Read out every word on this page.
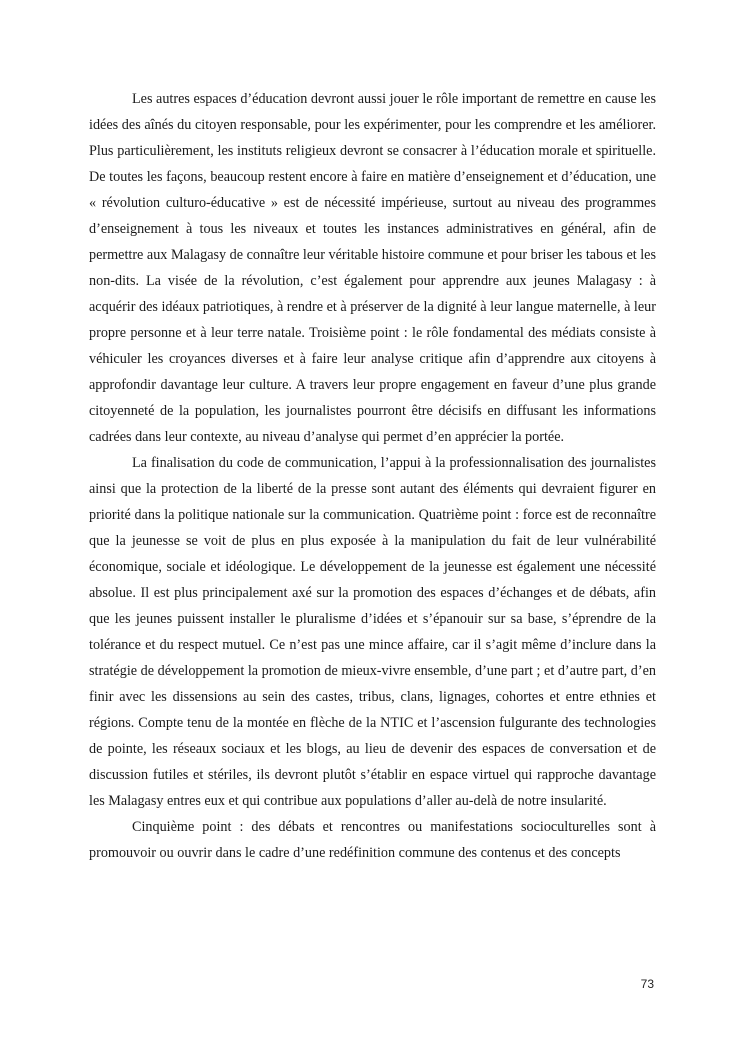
Les autres espaces d’éducation devront aussi jouer le rôle important de remettre en cause les idées des aînés du citoyen responsable, pour les expérimenter, pour les comprendre et les améliorer. Plus particulièrement, les instituts religieux devront se consacrer à l’éducation morale et spirituelle. De toutes les façons, beaucoup restent encore à faire en matière d’enseignement et d’éducation, une « révolution culturo-éducative » est de nécessité impérieuse, surtout au niveau des programmes d’enseignement à tous les niveaux et toutes les instances administratives en général, afin de permettre aux Malagasy de connaître leur véritable histoire commune et pour briser les tabous et les non-dits. La visée de la révolution, c’est également pour apprendre aux jeunes Malagasy : à acquérir des idéaux patriotiques, à rendre et à préserver de la dignité à leur langue maternelle, à leur propre personne et à leur terre natale. Troisième point : le rôle fondamental des médiats consiste à véhiculer les croyances diverses et à faire leur analyse critique afin d’apprendre aux citoyens à approfondir davantage leur culture. A travers leur propre engagement en faveur d’une plus grande citoyenneté de la population, les journalistes pourront être décisifs en diffusant les informations cadrées dans leur contexte, au niveau d’analyse qui permet d’en apprécier la portée.

La finalisation du code de communication, l’appui à la professionnalisation des journalistes ainsi que la protection de la liberté de la presse sont autant des éléments qui devraient figurer en priorité dans la politique nationale sur la communication. Quatrième point : force est de reconnaître que la jeunesse se voit de plus en plus exposée à la manipulation du fait de leur vulnérabilité économique, sociale et idéologique. Le développement de la jeunesse est également une nécessité absolue. Il est plus principalement axé sur la promotion des espaces d’échanges et de débats, afin que les jeunes puissent installer le pluralisme d’idées et s’épanouir sur sa base, s’éprendre de la tolérance et du respect mutuel. Ce n’est pas une mince affaire, car il s’agit même d’inclure dans la stratégie de développement la promotion de mieux-vivre ensemble, d’une part ; et d’autre part, d’en finir avec les dissensions au sein des castes, tribus, clans, lignages, cohortes et entre ethnies et régions. Compte tenu de la montée en flèche de la NTIC et l’ascension fulgurante des technologies de pointe, les réseaux sociaux et les blogs, au lieu de devenir des espaces de conversation et de discussion futiles et stériles, ils devront plutôt s’établir en espace virtuel qui rapproche davantage les Malagasy entres eux et qui contribue aux populations d’aller au-delà de notre insularité.

Cinquième point : des débats et rencontres ou manifestations socioculturelles sont à promouvoir ou ouvrir dans le cadre d’une redéfinition commune des contenus et des concepts

73
